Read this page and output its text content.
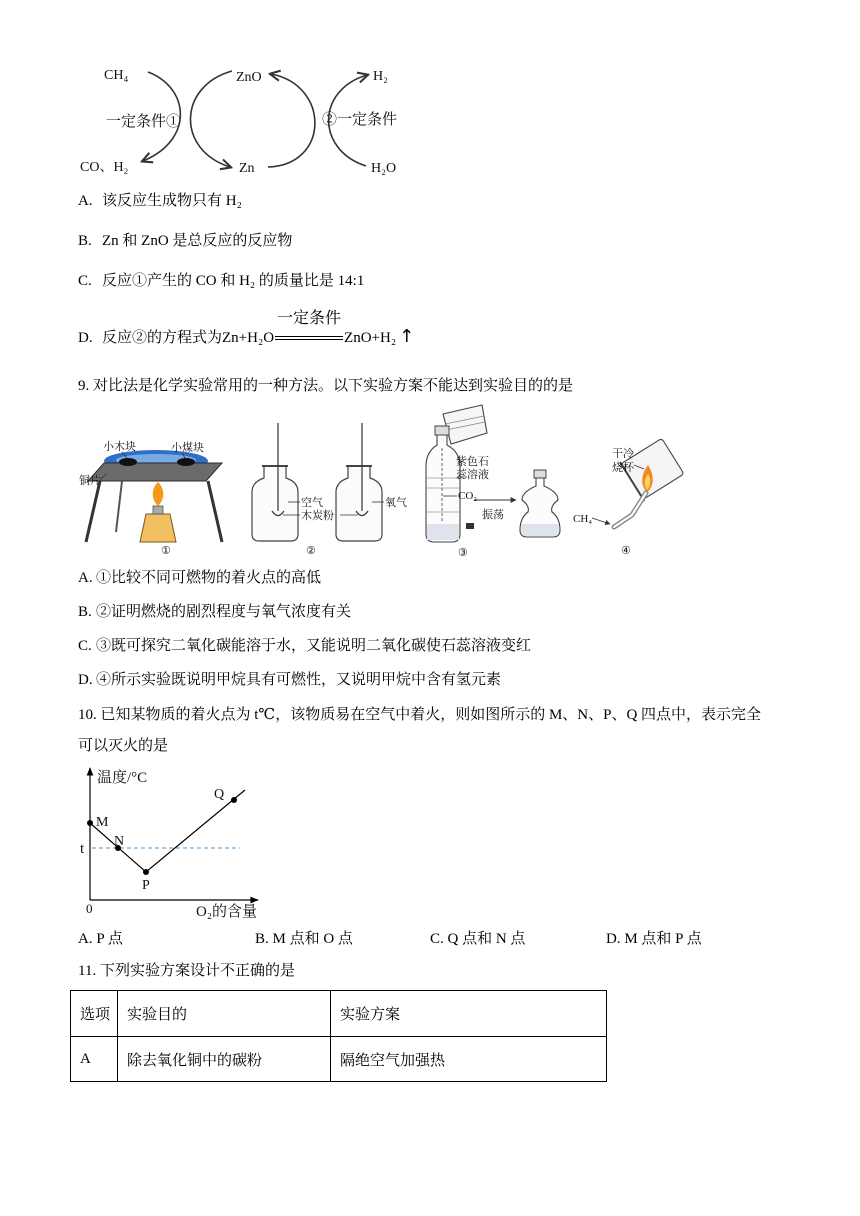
CH₄	ZnO	H₂
一定条件①	②一定条件
CO、H₂	Zn	H₂O
A. 该反应生成物只有 H₂
B. Zn 和 ZnO 是总反应的反应物
C. 反应①产生的 CO 和 H₂ 的质量比是 14:1
D. 反应②的方程式为Zn+H₂O
一定条件
ZnO+H₂ ↑
9. 对比法是化学实验常用的一种方法。以下实验方案不能达到实验目的的是
小木块	小煤块
铜片
①
空气
木炭粉
氧气
②
紫色石
蕊溶液
CO₂
振荡
③
CH₄
干冷
烧杯
④
A. ①比较不同可燃物的着火点的高低
B. ②证明燃烧的剧烈程度与氧气浓度有关
C. ③既可探究二氧化碳能溶于水，又能说明二氧化碳使石蕊溶液变红
D. ④所示实验既说明甲烷具有可燃性，又说明甲烷中含有氢元素
10. 已知某物质的着火点为 t℃，该物质易在空气中着火，则如图所示的 M、N、P、Q 四点中，表示完全
可以灭火的是
温度/°C
O₂的含量
0
t
M
N
P
Q
A. P 点	B. M 点和 O 点	C. Q 点和 N 点	D. M 点和 P 点
11. 下列实验方案设计不正确的是
选项	实验目的	实验方案
A	除去氧化铜中的碳粉	隔绝空气加强热
